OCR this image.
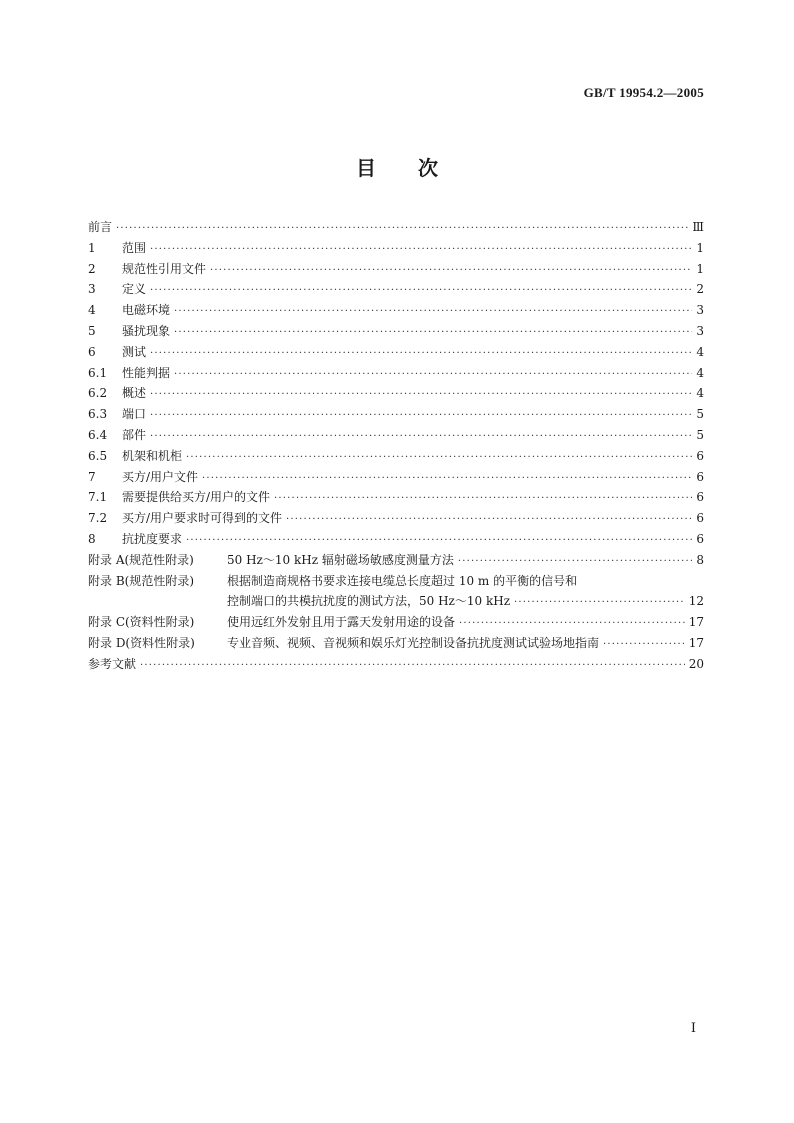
GB/T 19954.2—2005
目 次
前言 ·····	Ⅲ
1	范围 ·····	1
2	规范性引用文件 ·····	1
3	定义 ·····	2
4	电磁环境 ·····	3
5	骚扰现象 ·····	3
6	测试 ·····	4
6.1	性能判据 ·····	4
6.2	概述 ·····	4
6.3	端口 ·····	5
6.4	部件 ·····	5
6.5	机架和机柜 ·····	6
7	买方/用户文件 ·····	6
7.1	需要提供给买方/用户的文件 ·····	6
7.2	买方/用户要求时可得到的文件 ·····	6
8	抗扰度要求 ·····	6
附录 A(规范性附录)	50 Hz～10 kHz 辐射磁场敏感度测量方法 ·····	8
附录 B(规范性附录)	根据制造商规格书要求连接电缆总长度超过 10 m 的平衡的信号和
控制端口的共模抗扰度的测试方法，50 Hz～10 kHz ·····	12
附录 C(资料性附录)	使用远红外发射且用于露天发射用途的设备 ·····	17
附录 D(资料性附录)	专业音频、视频、音视频和娱乐灯光控制设备抗扰度测试试验场地指南 ·····	17
参考文献 ·····	20
I
